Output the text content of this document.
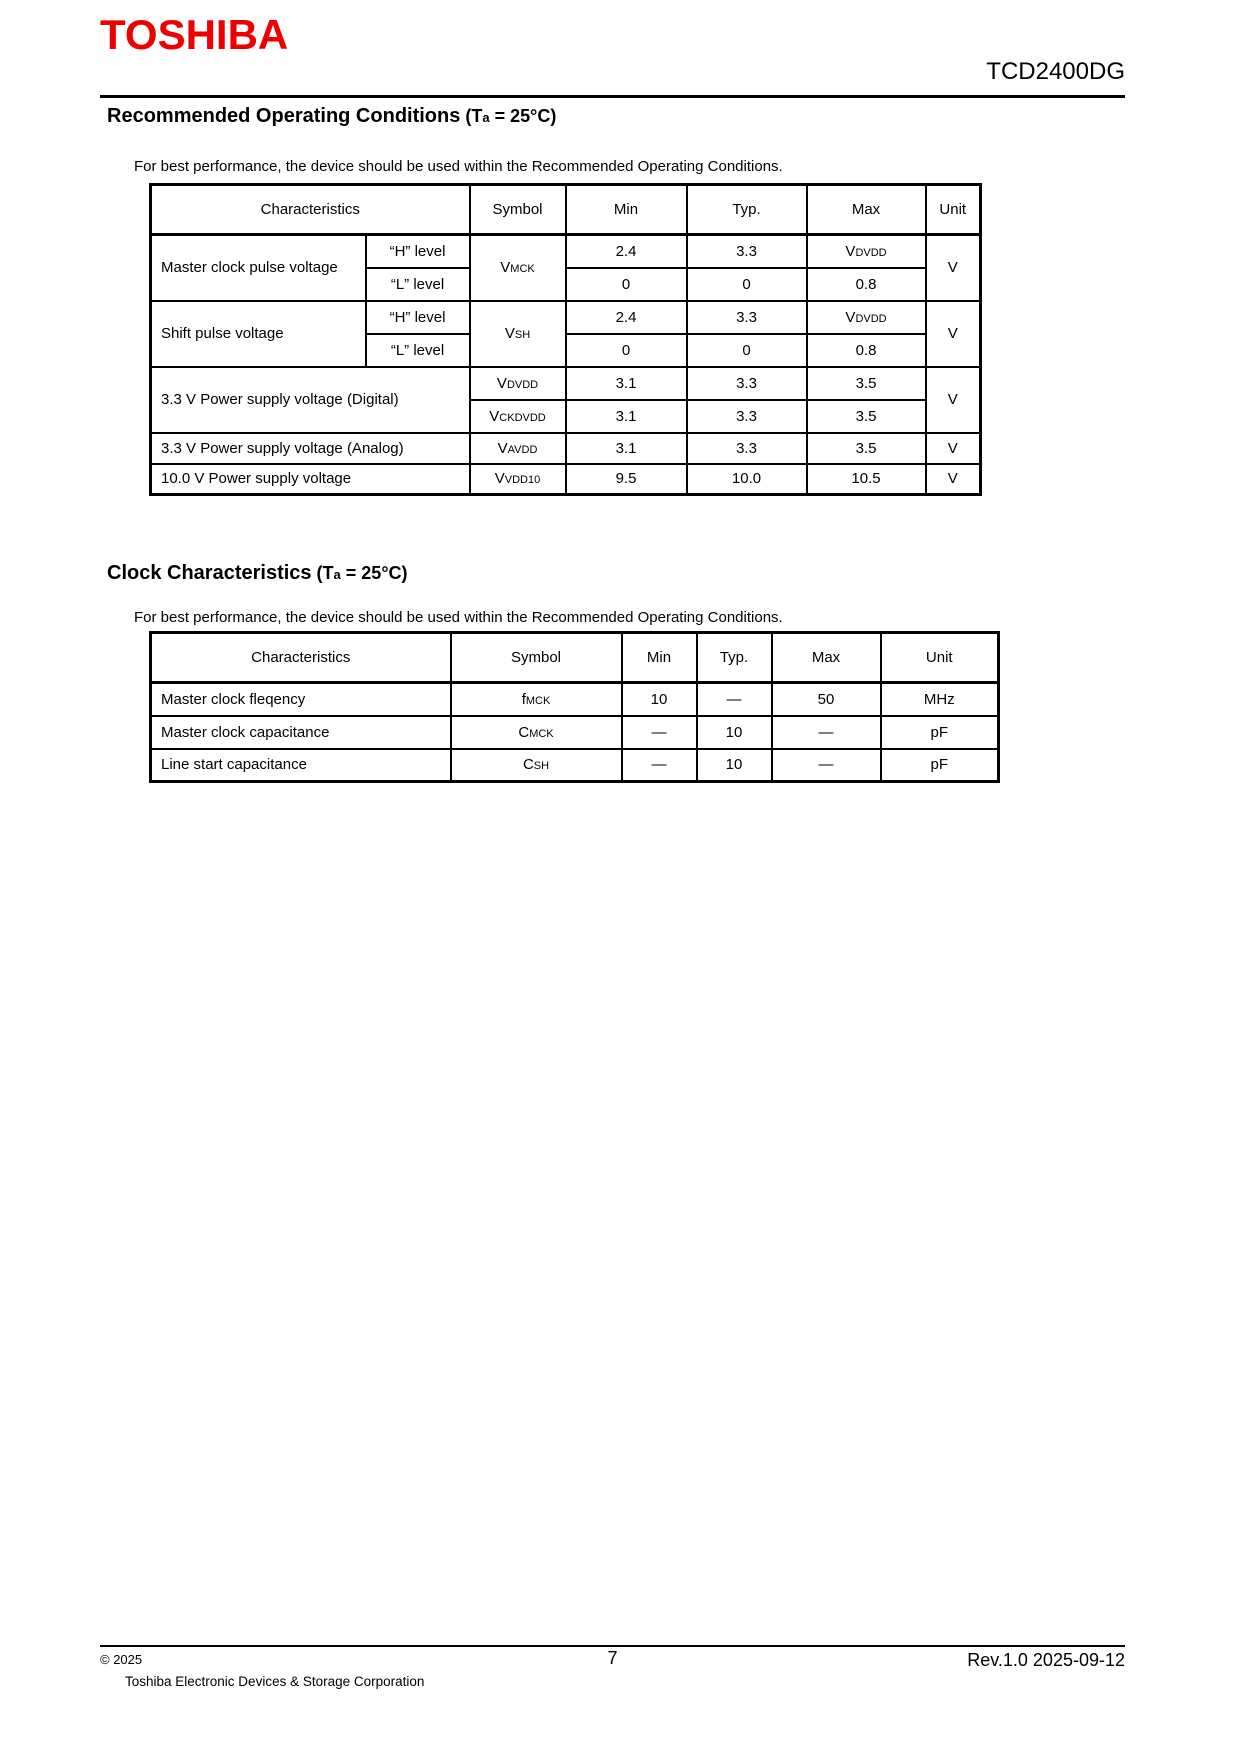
TOSHIBA
TCD2400DG
Recommended Operating Conditions (Ta = 25°C)

For best performance, the device should be used within the Recommended Operating Conditions.

Characteristics		Symbol	Min	Typ.	Max	Unit
Master clock pulse voltage	“H” level	VMCK	2.4	3.3	VDVDD	V
	“L” level		0	0	0.8	
Shift pulse voltage	“H” level	VSH	2.4	3.3	VDVDD	V
	“L” level		0	0	0.8	
3.3 V Power supply voltage (Digital)		VDVDD	3.1	3.3	3.5	V
		VCKDVDD	3.1	3.3	3.5	
3.3 V Power supply voltage (Analog)		VAVDD	3.1	3.3	3.5	V
10.0 V Power supply voltage		VVDD10	9.5	10.0	10.5	V
Clock Characteristics (Ta = 25°C)

For best performance, the device should be used within the Recommended Operating Conditions.

Characteristics	Symbol	Min	Typ.	Max	Unit
Master clock fleqency	fMCK	10	—	50	MHz
Master clock capacitance	CMCK	—	10	—	pF
Line start capacitance	CSH	—	10	—	pF
© 2025
Toshiba Electronic Devices & Storage Corporation
7	Rev.1.0 2025-09-12
